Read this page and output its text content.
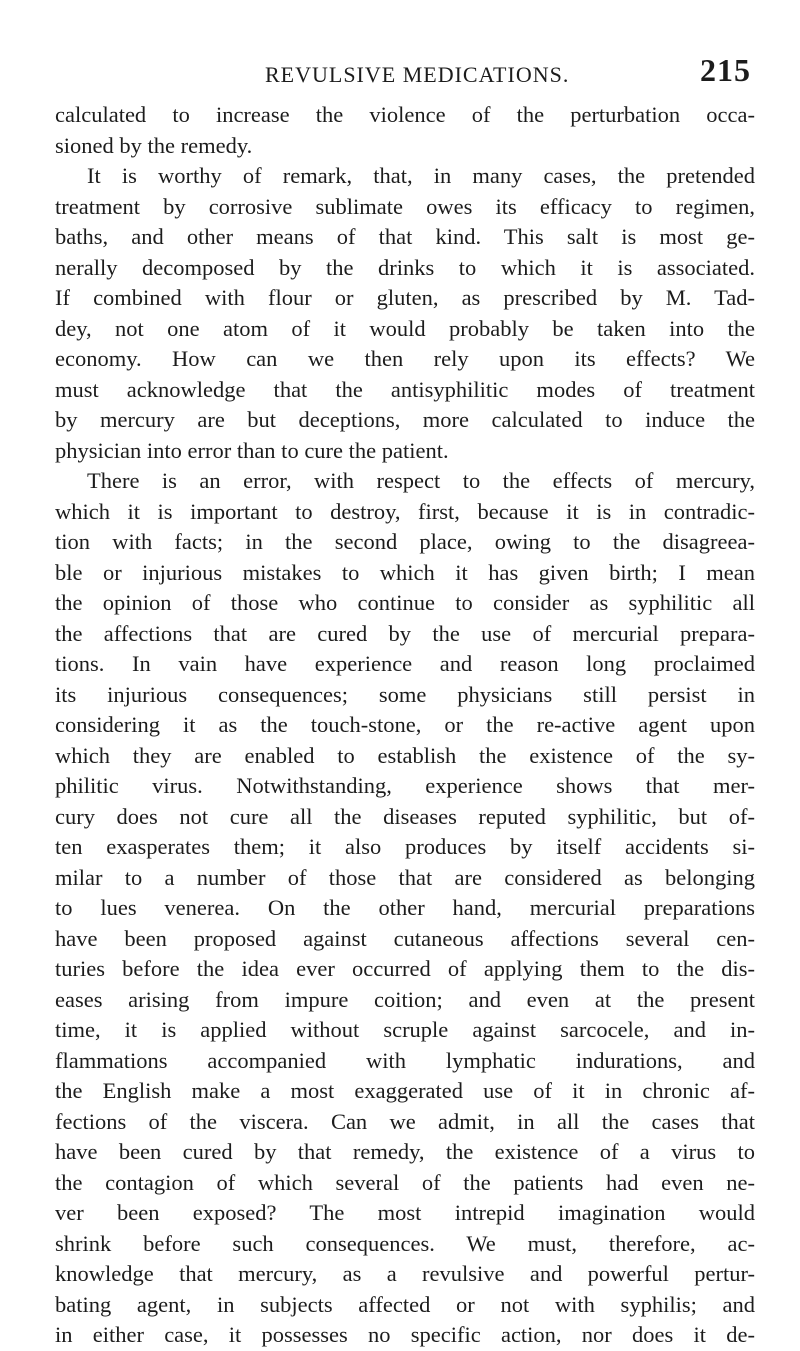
REVULSIVE MEDICATIONS.	215
calculated to increase the violence of the perturbation occa-
sioned by the remedy.
It is worthy of remark, that, in many cases, the pretended
treatment by corrosive sublimate owes its efficacy to regimen,
baths, and other means of that kind. This salt is most ge-
nerally decomposed by the drinks to which it is associated.
If combined with flour or gluten, as prescribed by M. Tad-
dey, not one atom of it would probably be taken into the
economy. How can we then rely upon its effects? We
must acknowledge that the antisyphilitic modes of treatment
by mercury are but deceptions, more calculated to induce the
physician into error than to cure the patient.
There is an error, with respect to the effects of mercury,
which it is important to destroy, first, because it is in contradic-
tion with facts; in the second place, owing to the disagreea-
ble or injurious mistakes to which it has given birth; I mean
the opinion of those who continue to consider as syphilitic all
the affections that are cured by the use of mercurial prepara-
tions. In vain have experience and reason long proclaimed
its injurious consequences; some physicians still persist in
considering it as the touch-stone, or the re-active agent upon
which they are enabled to establish the existence of the sy-
philitic virus. Notwithstanding, experience shows that mer-
cury does not cure all the diseases reputed syphilitic, but of-
ten exasperates them; it also produces by itself accidents si-
milar to a number of those that are considered as belonging
to lues venerea. On the other hand, mercurial preparations
have been proposed against cutaneous affections several cen-
turies before the idea ever occurred of applying them to the dis-
eases arising from impure coition; and even at the present
time, it is applied without scruple against sarcocele, and in-
flammations accompanied with lymphatic indurations, and
the English make a most exaggerated use of it in chronic af-
fections of the viscera. Can we admit, in all the cases that
have been cured by that remedy, the existence of a virus to
the contagion of which several of the patients had even ne-
ver been exposed? The most intrepid imagination would
shrink before such consequences. We must, therefore, ac-
knowledge that mercury, as a revulsive and powerful pertur-
bating agent, in subjects affected or not with syphilis; and
in either case, it possesses no specific action, nor does it de-
